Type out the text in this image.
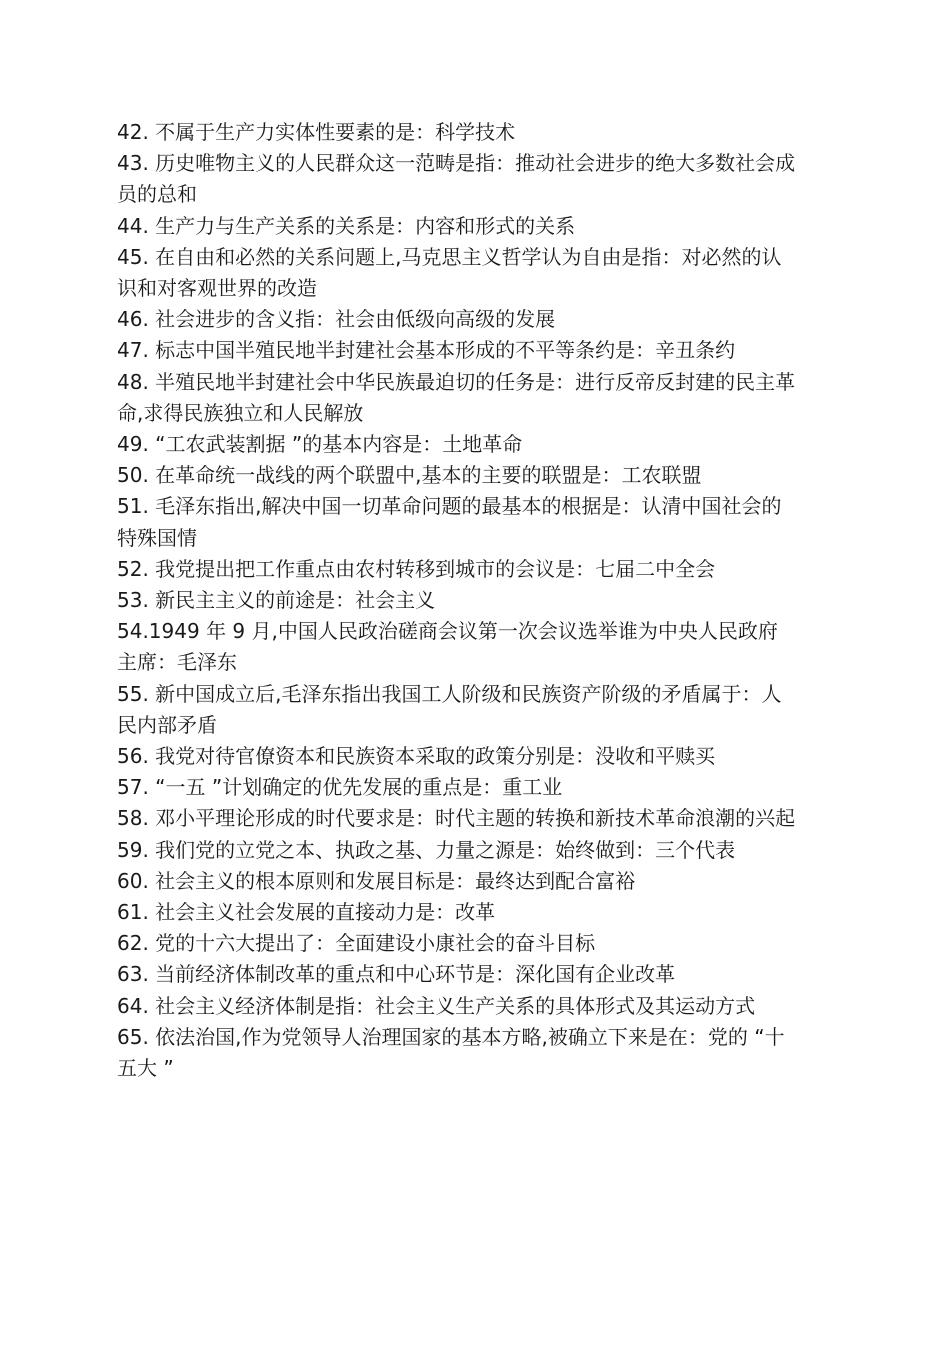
42. 不属于生产力实体性要素的是：科学技术

43. 历史唯物主义的人民群众这一范畴是指：推动社会进步的绝大多数社会成员的总和

44. 生产力与生产关系的关系是：内容和形式的关系

45. 在自由和必然的关系问题上,马克思主义哲学认为自由是指：对必然的认识和对客观世界的改造

46. 社会进步的含义指：社会由低级向高级的发展

47. 标志中国半殖民地半封建社会基本形成的不平等条约是：辛丑条约

48. 半殖民地半封建社会中华民族最迫切的任务是：进行反帝反封建的民主革命,求得民族独立和人民解放

49. “工农武装割据 ”的基本内容是：土地革命

50. 在革命统一战线的两个联盟中,基本的主要的联盟是：工农联盟

51. 毛泽东指出,解决中国一切革命问题的最基本的根据是：认清中国社会的特殊国情

52. 我党提出把工作重点由农村转移到城市的会议是：七届二中全会

53. 新民主主义的前途是：社会主义

54.1949 年 9 月,中国人民政治磋商会议第一次会议选举谁为中央人民政府主席：毛泽东

55. 新中国成立后,毛泽东指出我国工人阶级和民族资产阶级的矛盾属于：人民内部矛盾

56. 我党对待官僚资本和民族资本采取的政策分别是：没收和平赎买

57. “一五 ”计划确定的优先发展的重点是：重工业

58. 邓小平理论形成的时代要求是：时代主题的转换和新技术革命浪潮的兴起

59. 我们党的立党之本、执政之基、力量之源是：始终做到：三个代表

60. 社会主义的根本原则和发展目标是：最终达到配合富裕

61. 社会主义社会发展的直接动力是：改革

62. 党的十六大提出了：全面建设小康社会的奋斗目标

63. 当前经济体制改革的重点和中心环节是：深化国有企业改革

64. 社会主义经济体制是指：社会主义生产关系的具体形式及其运动方式

65. 依法治国,作为党领导人治理国家的基本方略,被确立下来是在：党的 “十五大 ”
